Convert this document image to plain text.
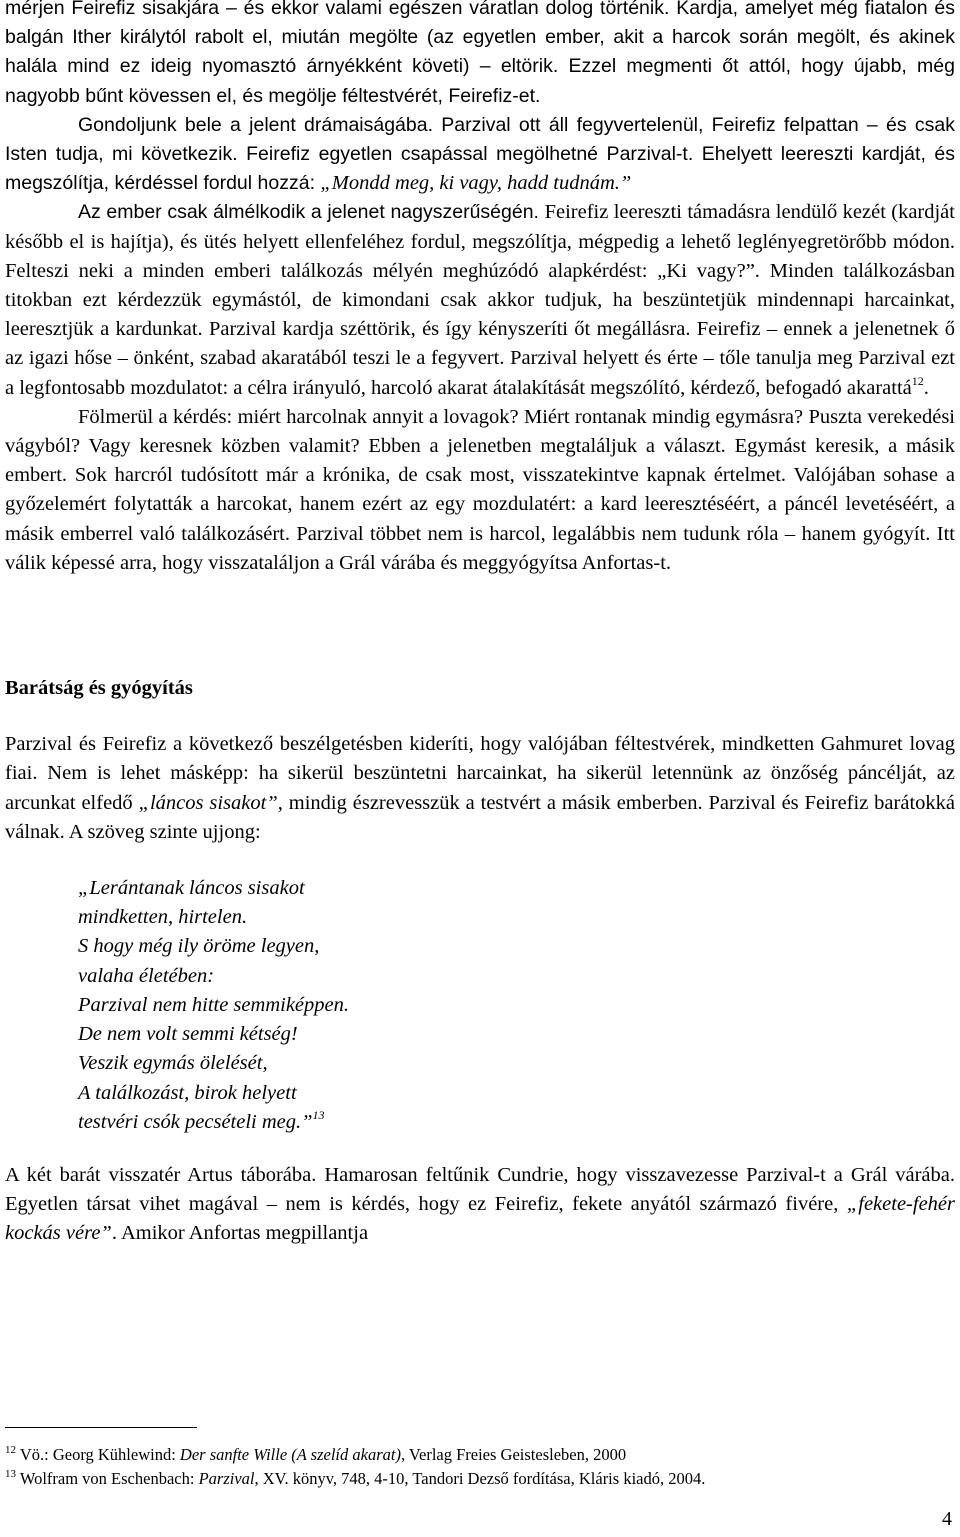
mérjen Feirefiz sisakjára – és ekkor valami egészen váratlan dolog történik. Kardja, amelyet még fiatalon és balgán Ither királytól rabolt el, miután megölte (az egyetlen ember, akit a harcok során megölt, és akinek halála mind ez ideig nyomasztó árnyékként követi) – eltörik. Ezzel megmenti őt attól, hogy újabb, még nagyobb bűnt kövessen el, és megölje féltestvérét, Feirefiz-et.

Gondoljunk bele a jelent drámaiságába. Parzival ott áll fegyvertelenül, Feirefiz felpattan – és csak Isten tudja, mi következik. Feirefiz egyetlen csapással megölhetné Parzival-t. Ehelyett leereszti kardját, és megszólítja, kérdéssel fordul hozzá: „Mondd meg, ki vagy, hadd tudnám.”

Az ember csak álmélkodik a jelenet nagyszerűségén. Feirefiz leereszti támadásra lendülő kezét (kardját később el is hajítja), és ütés helyett ellenfeléhez fordul, megszólítja, mégpedig a lehető leglényegretörőbb módon. Felteszi neki a minden emberi találkozás mélyén meghúzódó alapkérdést: „Ki vagy?”. Minden találkozásban titokban ezt kérdezzük egymástól, de kimondani csak akkor tudjuk, ha beszüntetjük mindennapi harcainkat, leeresztjük a kardunkat. Parzival kardja széttörik, és így kényszeríti őt megállásra. Feirefiz – ennek a jelenetnek ő az igazi hőse – önként, szabad akaratából teszi le a fegyvert. Parzival helyett és érte – tőle tanulja meg Parzival ezt a legfontosabb mozdulatot: a célra irányuló, harcoló akarat átalakítását megszólító, kérdező, befogadó akarattá$^{12}$.

Fölmerül a kérdés: miért harcolnak annyit a lovagok? Miért rontanak mindig egymásra? Puszta verekedési vágyból? Vagy keresnek közben valamit? Ebben a jelenetben megtaláljuk a választ. Egymást keresik, a másik embert. Sok harcról tudósított már a krónika, de csak most, visszatekintve kapnak értelmet. Valójában sohase a győzelemért folytatták a harcokat, hanem ezért az egy mozdulatért: a kard leeresztéséért, a páncél levetéséért, a másik emberrel való találkozásért. Parzival többet nem is harcol, legalábbis nem tudunk róla – hanem gyógyít. Itt válik képessé arra, hogy visszataláljon a Grál várába és meggyógyítsa Anfortas-t.

Barátság és gyógyítás

Parzival és Feirefiz a következő beszélgetésben kideríti, hogy valójában féltestvérek, mindketten Gahmuret lovag fiai. Nem is lehet másképp: ha sikerül beszüntetni harcainkat, ha sikerül letennünk az önzőség páncélját, az arcunkat elfedő „láncos sisakot”, mindig észrevesszük a testvért a másik emberben. Parzival és Feirefiz barátokká válnak. A szöveg szinte ujjong:

„Lerántanak láncos sisakot
mindketten, hirtelen.
S hogy még ily öröme legyen,
valaha életében:
Parzival nem hitte semmiképpen.
De nem volt semmi kétség!
Veszik egymás ölelését,
A találkozást, birok helyett
testvéri csók pecsételi meg.”$^{13}$

A két barát visszatér Artus táborába. Hamarosan feltűnik Cundrie, hogy visszavezesse Parzival-t a Grál várába. Egyetlen társat vihet magával – nem is kérdés, hogy ez Feirefiz, fekete anyától származó fivére, „fekete-fehér kockás vére”. Amikor Anfortas megpillantja

$^{12}$ Vö.: Georg Kühlewind: Der sanfte Wille (A szelíd akarat), Verlag Freies Geistesleben, 2000
$^{13}$ Wolfram von Eschenbach: Parzival, XV. könyv, 748, 4-10, Tandori Dezső fordítása, Kláris kiadó, 2004.
4
